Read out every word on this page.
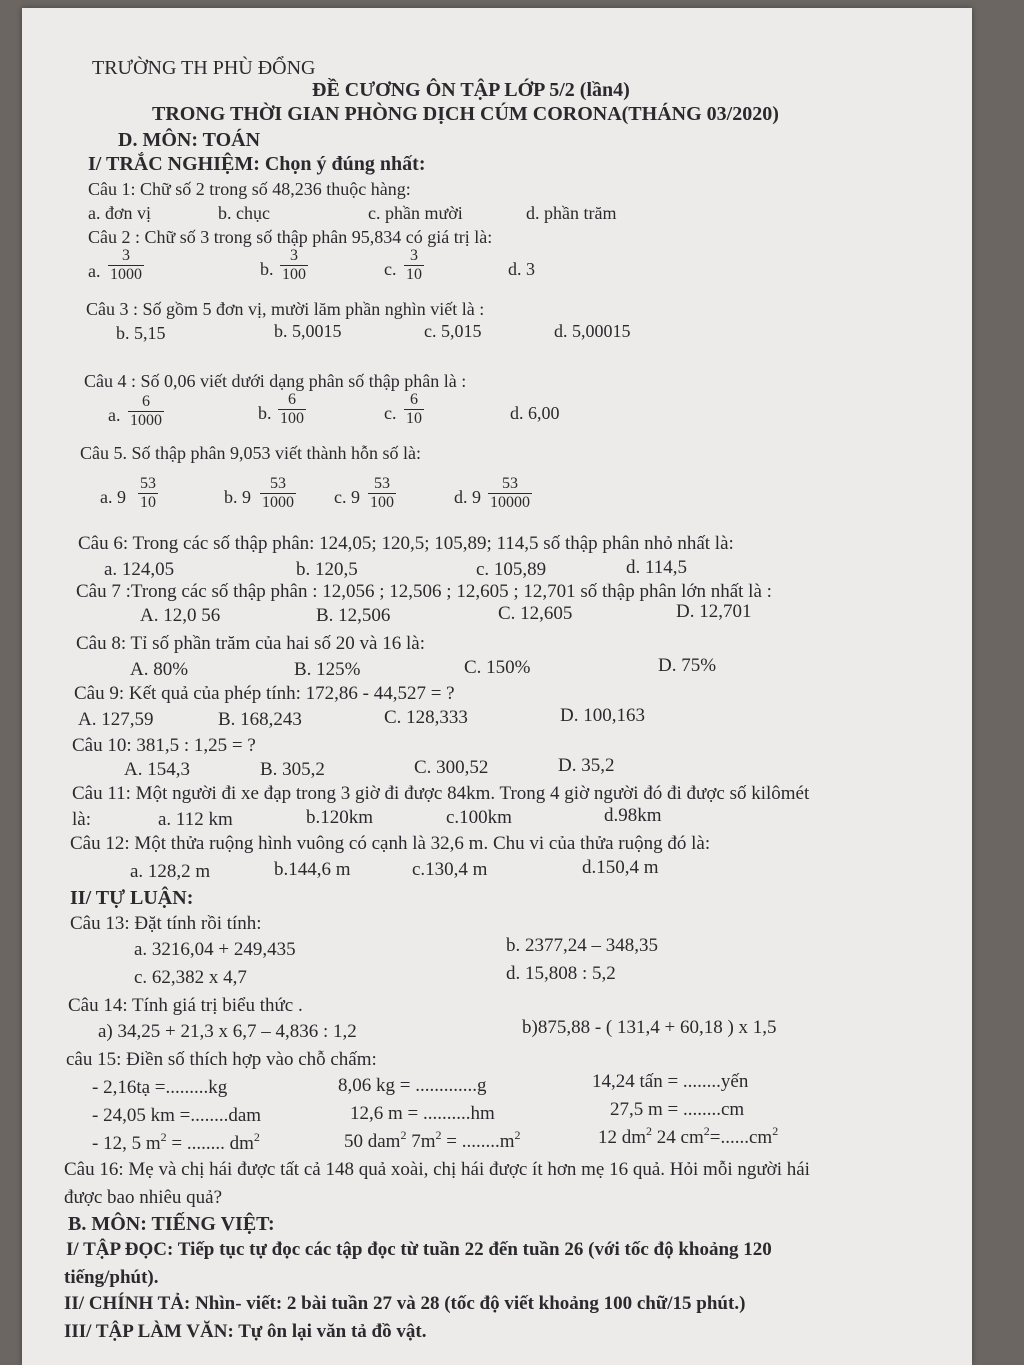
TRƯỜNG TH PHÙ ĐỔNG
ĐỀ CƯƠNG ÔN TẬP LỚP 5/2 (lần4)
TRONG THỜI GIAN PHÒNG DỊCH CÚM CORONA(THÁNG 03/2020)
D. MÔN: TOÁN
I/ TRẮC NGHIỆM: Chọn ý đúng nhất:
Câu 1: Chữ số 2 trong số 48,236 thuộc hàng:
a. đơn vị	b. chục	c. phần mười	d. phần trăm
Câu 2 : Chữ số 3 trong số thập phân 95,834 có giá trị là:
a. $\frac{3}{1000}$	b. $\frac{3}{100}$	c. $\frac{3}{10}$	d. 3
Câu 3 : Số gồm 5 đơn vị, mười lăm phần nghìn viết là :
b. 5,15	b. 5,0015	c. 5,015	d. 5,00015
Câu 4 : Số 0,06 viết dưới dạng phân số thập phân là :
a. $\frac{6}{1000}$	b. $\frac{6}{100}$	c. $\frac{6}{10}$	d. 6,00
Câu 5. Số thập phân 9,053 viết thành hỗn số là:
a. $9 \frac{53}{10}$	b. $9 \frac{53}{1000} c$. $9 \frac{53}{100}$	d. $9 \frac{53}{10000}$
Câu 6: Trong các số thập phân: 124,05; 120,5; 105,89; 114,5 số thập phân nhỏ nhất là:
a. 124,05	b. 120,5	c. 105,89	d. 114,5
Câu 7 :Trong các số thập phân : 12,056 ; 12,506 ; 12,605 ; 12,701 số thập phân lớn nhất là :
A. 12,0 56	B. 12,506	C. 12,605	D. 12,701
Câu 8: Tỉ số phần trăm của hai số 20 và 16 là:
A. 80%	B. 125%	C. 150%	D. 75%
Câu 9: Kết quả của phép tính: 172,86 - 44,527 = ?
A. 127,59	B. 168,243	C. 128,333	D. 100,163
Câu 10: 381,5 : 1,25 = ?
A. 154,3	B. 305,2	C. 300,52	D. 35,2
Câu 11: Một người đi xe đạp trong 3 giờ đi được 84km. Trong 4 giờ người đó đi được số kilômét
là:	a. 112 km	b.120km	c.100km	d.98km
Câu 12: Một thửa ruộng hình vuông có cạnh là 32,6 m. Chu vi của thửa ruộng đó là:
a. 128,2 m	b.144,6 m	c.130,4 m	d.150,4 m
II/ TỰ LUẬN:
Câu 13: Đặt tính rồi tính:
a. 3216,04 + 249,435	b. 2377,24 – 348,35
c. 62,382 x 4,7	d. 15,808 : 5,2
Câu 14: Tính giá trị biểu thức .
a) 34,25 + 21,3 x 6,7 – 4,836 : 1,2	b)875,88 - ( 131,4 + 60,18 ) x 1,5
câu 15: Điền số thích hợp vào chỗ chấm:
- 2,16tạ =.........kg	8,06 kg = .............g	14,24 tấn = ........yến
- 24,05 km =........dam	12,6 m = ..........hm	27,5 m = ........cm
- 12, 5 $m^2$ = ........ $dm^2$	50 dam$^2$ $7m^2 = ........m^2$	12 $dm^2$ 24 $cm^2=......cm^2$
Câu 16: Mẹ và chị hái được tất cả 148 quả xoài, chị hái được ít hơn mẹ 16 quả. Hỏi mỗi người hái
được bao nhiêu quả?
B. MÔN: TIẾNG VIỆT:
I/ TẬP ĐỌC: Tiếp tục tự đọc các tập đọc từ tuần 22 đến tuần 26 (với tốc độ khoảng 120
tiếng/phút).
II/ CHÍNH TẢ: Nhìn- viết: 2 bài tuần 27 và 28 (tốc độ viết khoảng 100 chữ/15 phút.)
III/ TẬP LÀM VĂN: Tự ôn lại văn tả đồ vật.
